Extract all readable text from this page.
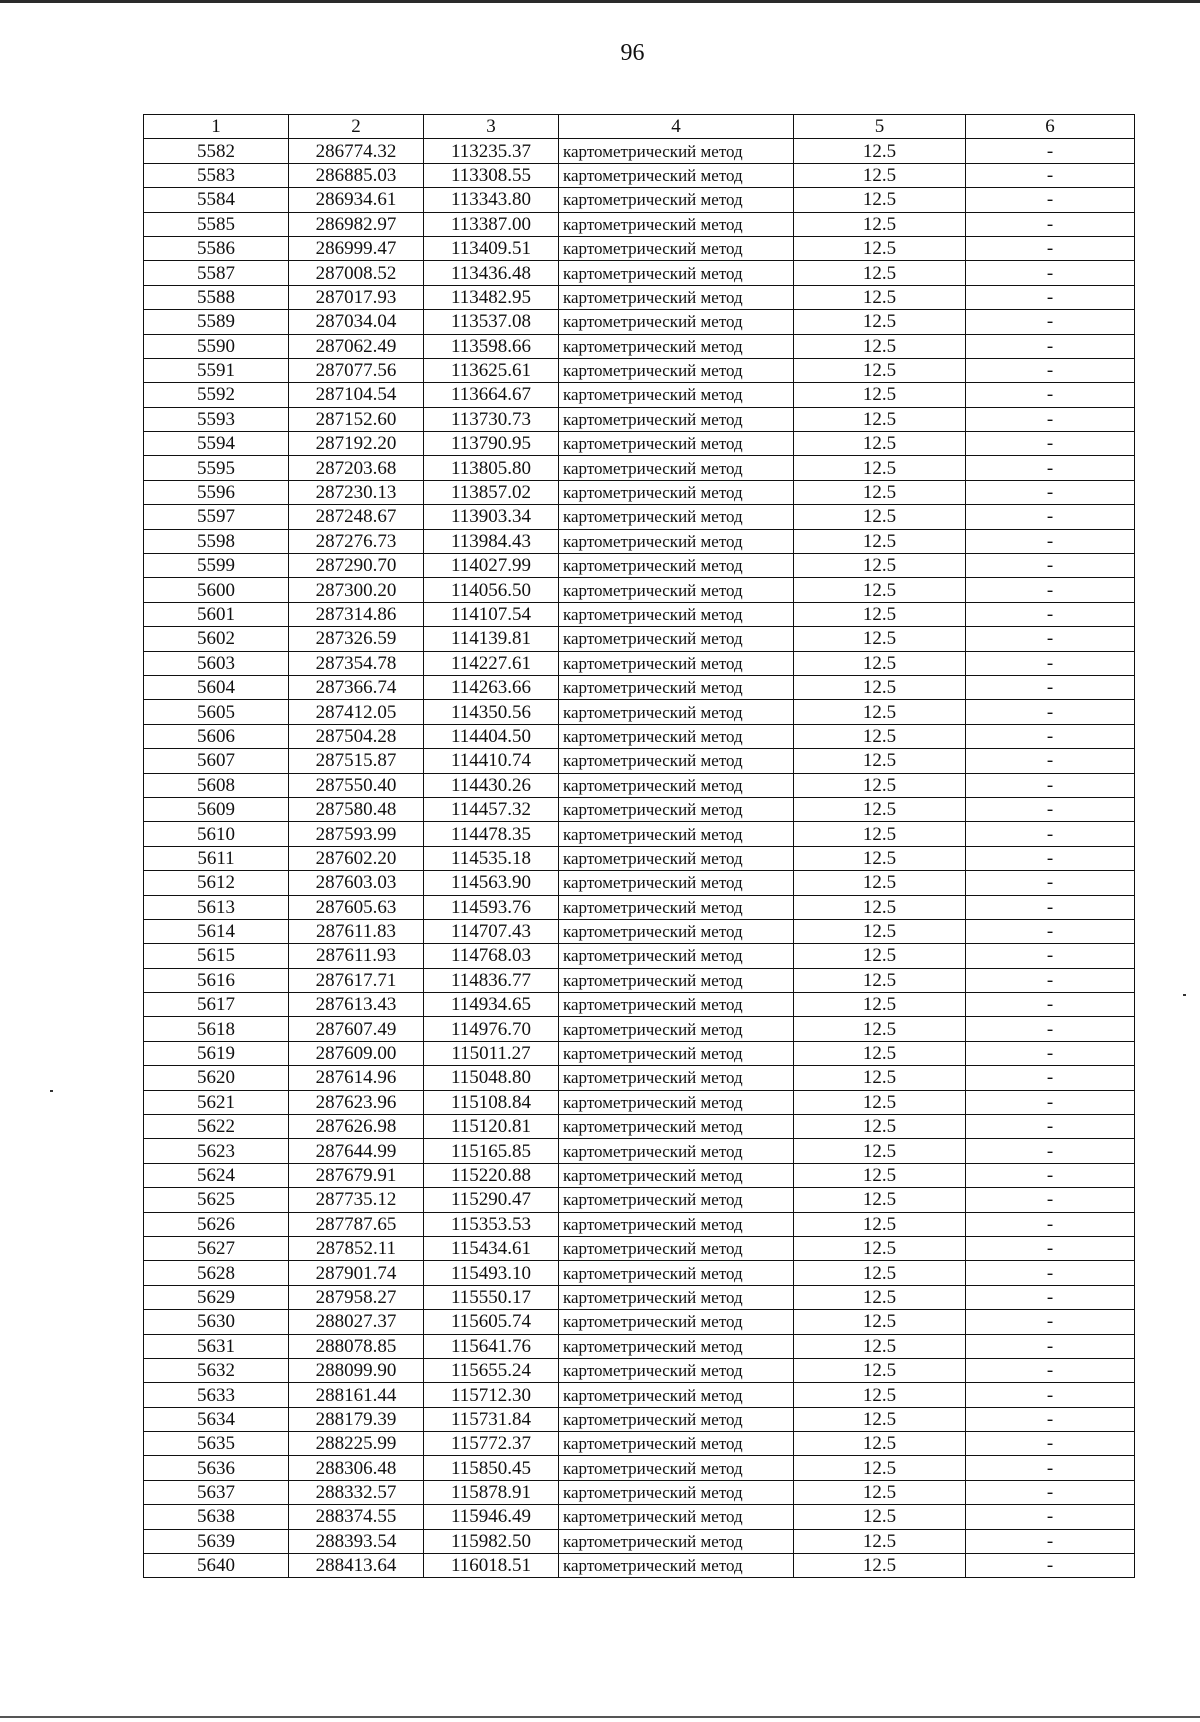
96
1	2	3	4	5	6
5582	286774.32	113235.37	картометрический метод	12.5	-
5583	286885.03	113308.55	картометрический метод	12.5	-
5584	286934.61	113343.80	картометрический метод	12.5	-
5585	286982.97	113387.00	картометрический метод	12.5	-
5586	286999.47	113409.51	картометрический метод	12.5	-
5587	287008.52	113436.48	картометрический метод	12.5	-
5588	287017.93	113482.95	картометрический метод	12.5	-
5589	287034.04	113537.08	картометрический метод	12.5	-
5590	287062.49	113598.66	картометрический метод	12.5	-
5591	287077.56	113625.61	картометрический метод	12.5	-
5592	287104.54	113664.67	картометрический метод	12.5	-
5593	287152.60	113730.73	картометрический метод	12.5	-
5594	287192.20	113790.95	картометрический метод	12.5	-
5595	287203.68	113805.80	картометрический метод	12.5	-
5596	287230.13	113857.02	картометрический метод	12.5	-
5597	287248.67	113903.34	картометрический метод	12.5	-
5598	287276.73	113984.43	картометрический метод	12.5	-
5599	287290.70	114027.99	картометрический метод	12.5	-
5600	287300.20	114056.50	картометрический метод	12.5	-
5601	287314.86	114107.54	картометрический метод	12.5	-
5602	287326.59	114139.81	картометрический метод	12.5	-
5603	287354.78	114227.61	картометрический метод	12.5	-
5604	287366.74	114263.66	картометрический метод	12.5	-
5605	287412.05	114350.56	картометрический метод	12.5	-
5606	287504.28	114404.50	картометрический метод	12.5	-
5607	287515.87	114410.74	картометрический метод	12.5	-
5608	287550.40	114430.26	картометрический метод	12.5	-
5609	287580.48	114457.32	картометрический метод	12.5	-
5610	287593.99	114478.35	картометрический метод	12.5	-
5611	287602.20	114535.18	картометрический метод	12.5	-
5612	287603.03	114563.90	картометрический метод	12.5	-
5613	287605.63	114593.76	картометрический метод	12.5	-
5614	287611.83	114707.43	картометрический метод	12.5	-
5615	287611.93	114768.03	картометрический метод	12.5	-
5616	287617.71	114836.77	картометрический метод	12.5	-
5617	287613.43	114934.65	картометрический метод	12.5	-
5618	287607.49	114976.70	картометрический метод	12.5	-
5619	287609.00	115011.27	картометрический метод	12.5	-
5620	287614.96	115048.80	картометрический метод	12.5	-
5621	287623.96	115108.84	картометрический метод	12.5	-
5622	287626.98	115120.81	картометрический метод	12.5	-
5623	287644.99	115165.85	картометрический метод	12.5	-
5624	287679.91	115220.88	картометрический метод	12.5	-
5625	287735.12	115290.47	картометрический метод	12.5	-
5626	287787.65	115353.53	картометрический метод	12.5	-
5627	287852.11	115434.61	картометрический метод	12.5	-
5628	287901.74	115493.10	картометрический метод	12.5	-
5629	287958.27	115550.17	картометрический метод	12.5	-
5630	288027.37	115605.74	картометрический метод	12.5	-
5631	288078.85	115641.76	картометрический метод	12.5	-
5632	288099.90	115655.24	картометрический метод	12.5	-
5633	288161.44	115712.30	картометрический метод	12.5	-
5634	288179.39	115731.84	картометрический метод	12.5	-
5635	288225.99	115772.37	картометрический метод	12.5	-
5636	288306.48	115850.45	картометрический метод	12.5	-
5637	288332.57	115878.91	картометрический метод	12.5	-
5638	288374.55	115946.49	картометрический метод	12.5	-
5639	288393.54	115982.50	картометрический метод	12.5	-
5640	288413.64	116018.51	картометрический метод	12.5	-
